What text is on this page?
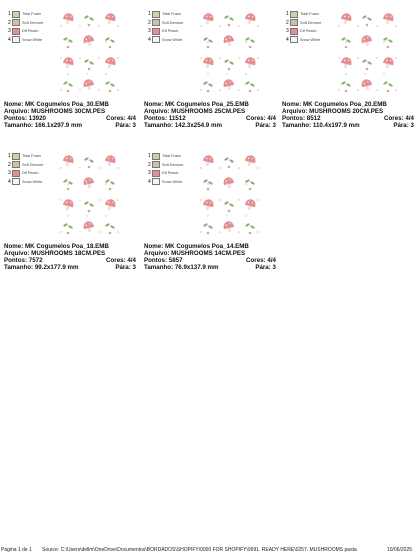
1	Tidal Foam
2	Soft Demure
3	Dif Peach
4	Snow White
Nome: MK Cogumelos Poa_30.EMB
Arquivo: MUSHROOMS 30CM.PES
Pontos: 13920	Cores: 4/4
Tamanho: 166.1x297.9 mm	Pára: 3
1	Tidal Foam
2	Soft Demure
3	Dif Peach
4	Snow White
Nome: MK Cogumelos Poa_25.EMB
Arquivo: MUSHROOMS 25CM.PES
Pontos: 11512	Cores: 4/4
Tamanho: 142.3x254.9 mm	Pára: 3
1	Tidal Foam
2	Soft Demure
3	Dif Peach
4	Snow White
Nome: MK Cogumelos Poa_20.EMB
Arquivo: MUSHROOMS 20CM.PES
Pontos: 8512	Cores: 4/4
Tamanho: 110.4x197.9 mm	Pára: 3
1	Tidal Foam
2	Soft Demure
3	Dif Peach
4	Snow White
Nome: MK Cogumelos Poa_18.EMB
Arquivo: MUSHROOMS 18CM.PES
Pontos: 7572	Cores: 4/4
Tamanho: 99.2x177.9 mm	Pára: 3
1	Tidal Foam
2	Soft Demure
3	Dif Peach
4	Snow White
Nome: MK Cogumelos Poa_14.EMB
Arquivo: MUSHROOMS 14CM.PES
Pontos: 5857	Cores: 4/4
Tamanho: 76.9x137.9 mm	Pára: 3
Página 1 de 1 Source: C:\Users\dellm\OneDrive\Documentos\BORDADOS\SHOPIFY\0000 FOR SHOPIFY\9991. READY HERE\0257. MUSHROOMS pasta	10/06/2025
